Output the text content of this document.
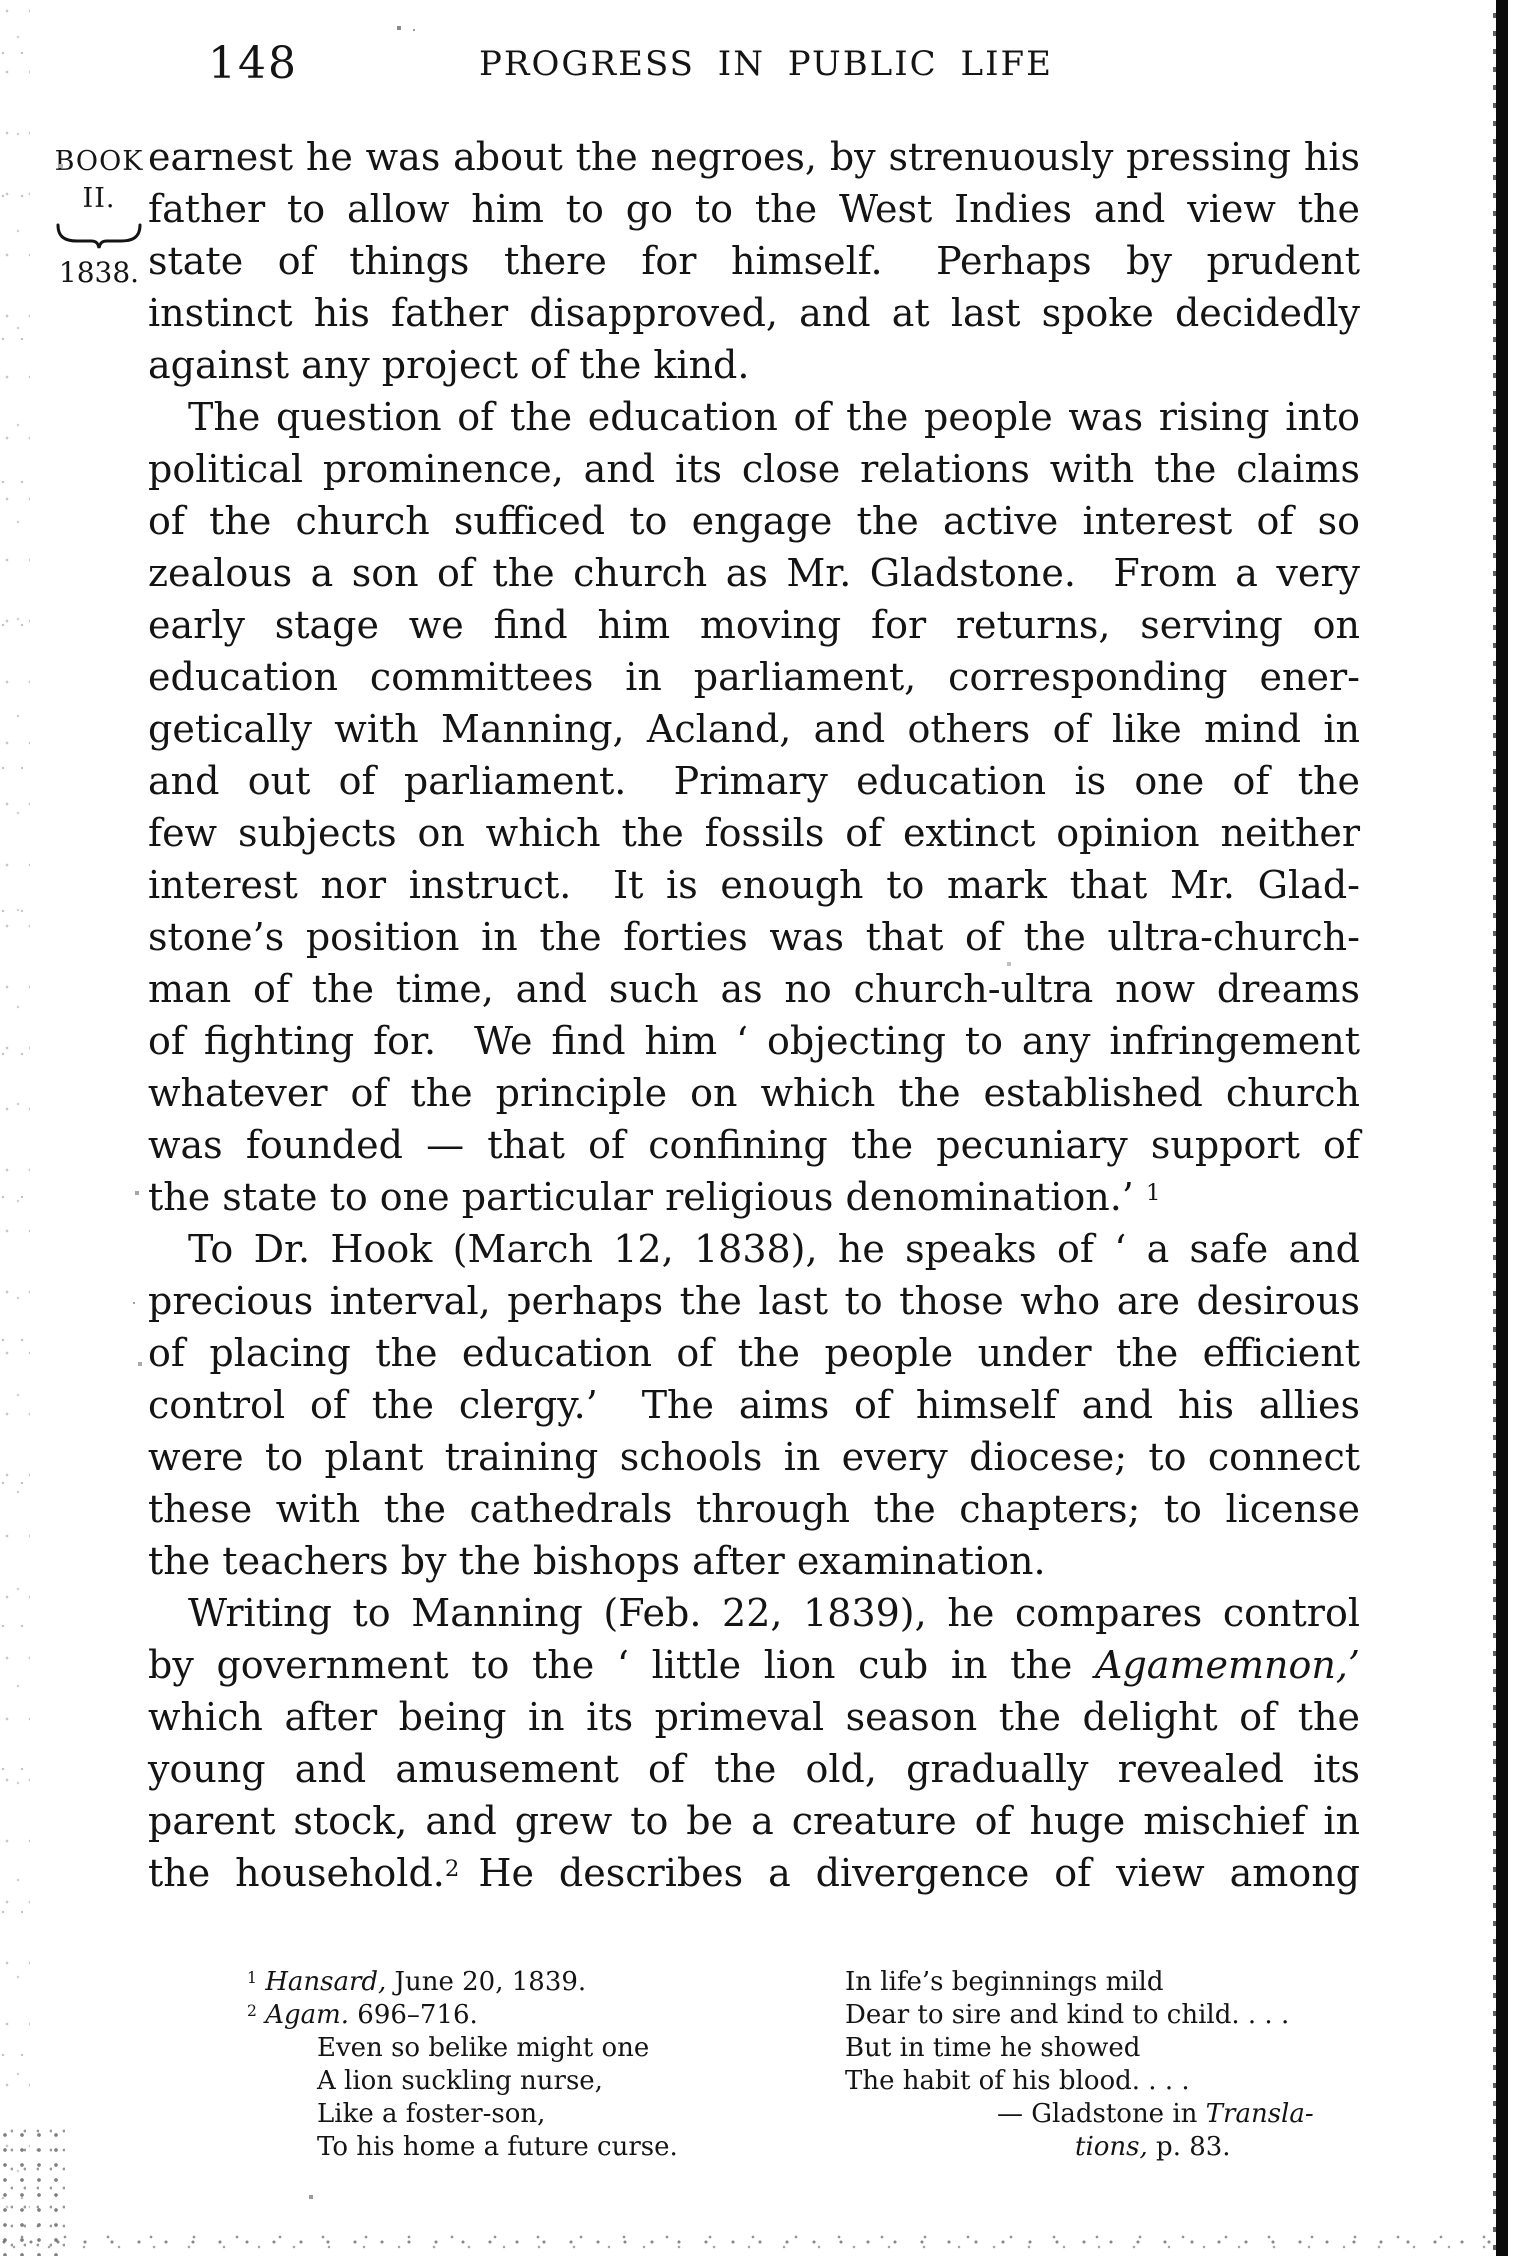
148	PROGRESS IN PUBLIC LIFE
BOOK
II.
1838.
earnest he was about the negroes, by strenuously pressing his
father to allow him to go to the West Indies and view the
state of things there for himself.  Perhaps by prudent
instinct his father disapproved, and at last spoke decidedly
against any project of the kind.
The question of the education of the people was rising into
political prominence, and its close relations with the claims
of the church sufficed to engage the active interest of so
zealous a son of the church as Mr. Gladstone.  From a very
early stage we find him moving for returns, serving on
education committees in parliament, corresponding ener-
getically with Manning, Acland, and others of like mind in
and out of parliament.  Primary education is one of the
few subjects on which the fossils of extinct opinion neither
interest nor instruct.  It is enough to mark that Mr. Glad-
stone’s position in the forties was that of the ultra-church-
man of the time, and such as no church-ultra now dreams
of fighting for.  We find him ‘ objecting to any infringement
whatever of the principle on which the established church
was founded — that of confining the pecuniary support of
the state to one particular religious denomination.’ $^1$
To Dr. Hook (March 12, 1838), he speaks of ‘ a safe and
precious interval, perhaps the last to those who are desirous
of placing the education of the people under the efficient
control of the clergy.’  The aims of himself and his allies
were to plant training schools in every diocese; to connect
these with the cathedrals through the chapters; to license
the teachers by the bishops after examination.
Writing to Manning (Feb. 22, 1839), he compares control
by government to the ‘ little lion cub in the Agamemnon,’
which after being in its primeval season the delight of the
young and amusement of the old, gradually revealed its
parent stock, and grew to be a creature of huge mischief in
the household.$^2$ He describes a divergence of view among
$^1$ Hansard, June 20, 1839.
$^2$ Agam. 696–716.
Even so belike might one
A lion suckling nurse,
Like a foster-son,
To his home a future curse.
In life’s beginnings mild
Dear to sire and kind to child. . . .
But in time he showed
The habit of his blood. . . .
— Gladstone in Transla-
tions, p. 83.
